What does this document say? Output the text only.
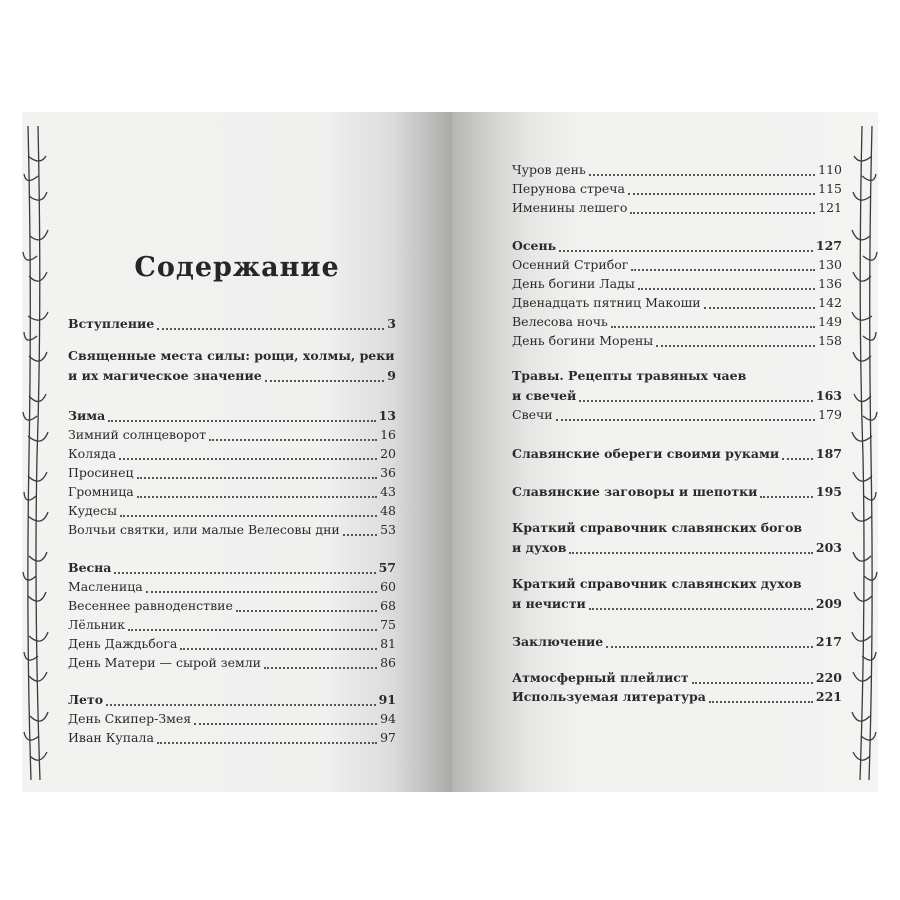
Содержание
Вступление	3
Священные места силы: рощи, холмы, реки
и их магическое значение	9
Зима	13
Зимний солнцеворот	16
Коляда	20
Просинец	36
Громница	43
Кудесы	48
Волчьи святки, или малые Велесовы дни	53
Весна	57
Масленица	60
Весеннее равноденствие	68
Лёльник	75
День Даждьбога	81
День Матери — сырой земли	86
Лето	91
День Скипер-Змея	94
Иван Купала	97
Чуров день	110
Перунова стреча	115
Именины лешего	121
Осень	127
Осенний Стрибог	130
День богини Лады	136
Двенадцать пятниц Макоши	142
Велесова ночь	149
День богини Морены	158
Травы. Рецепты травяных чаев
и свечей	163
Свечи	179
Славянские обереги своими руками	187
Славянские заговоры и шепотки	195
Краткий справочник славянских богов
и духов	203
Краткий справочник славянских духов
и нечисти	209
Заключение	217
Атмосферный плейлист	220
Используемая литература	221
